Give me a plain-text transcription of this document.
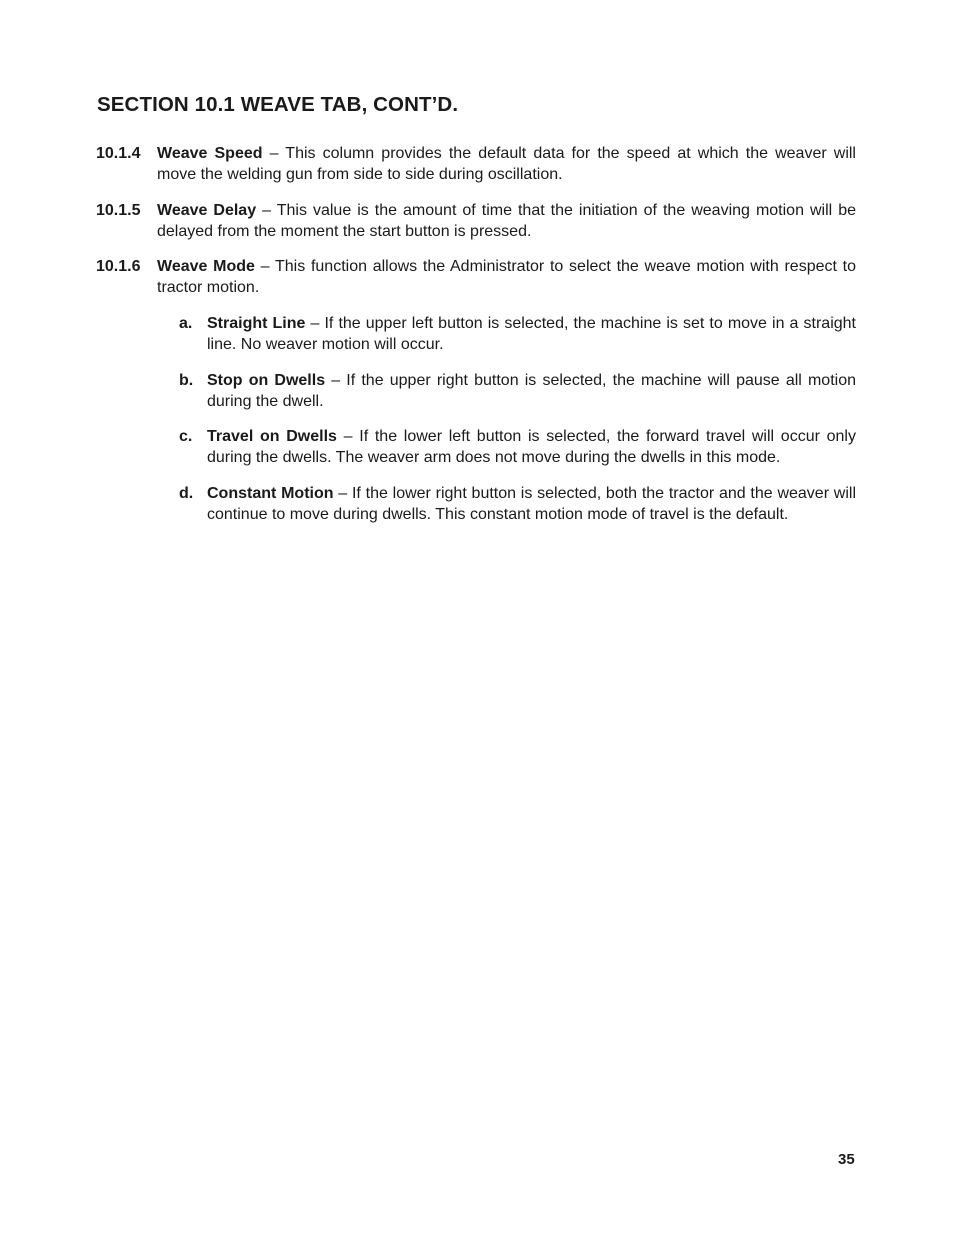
SECTION 10.1 WEAVE TAB, CONT’D.
10.1.4 Weave Speed – This column provides the default data for the speed at which the weaver will move the welding gun from side to side during oscillation.
10.1.5 Weave Delay – This value is the amount of time that the initiation of the weaving motion will be delayed from the moment the start button is pressed.
10.1.6 Weave Mode – This function allows the Administrator to select the weave motion with respect to tractor motion.
a. Straight Line – If the upper left button is selected, the machine is set to move in a straight line. No weaver motion will occur.
b. Stop on Dwells – If the upper right button is selected, the machine will pause all motion during the dwell.
c. Travel on Dwells – If the lower left button is selected, the forward travel will occur only during the dwells. The weaver arm does not move during the dwells in this mode.
d. Constant Motion – If the lower right button is selected, both the tractor and the weaver will continue to move during dwells. This constant motion mode of travel is the default.
35
